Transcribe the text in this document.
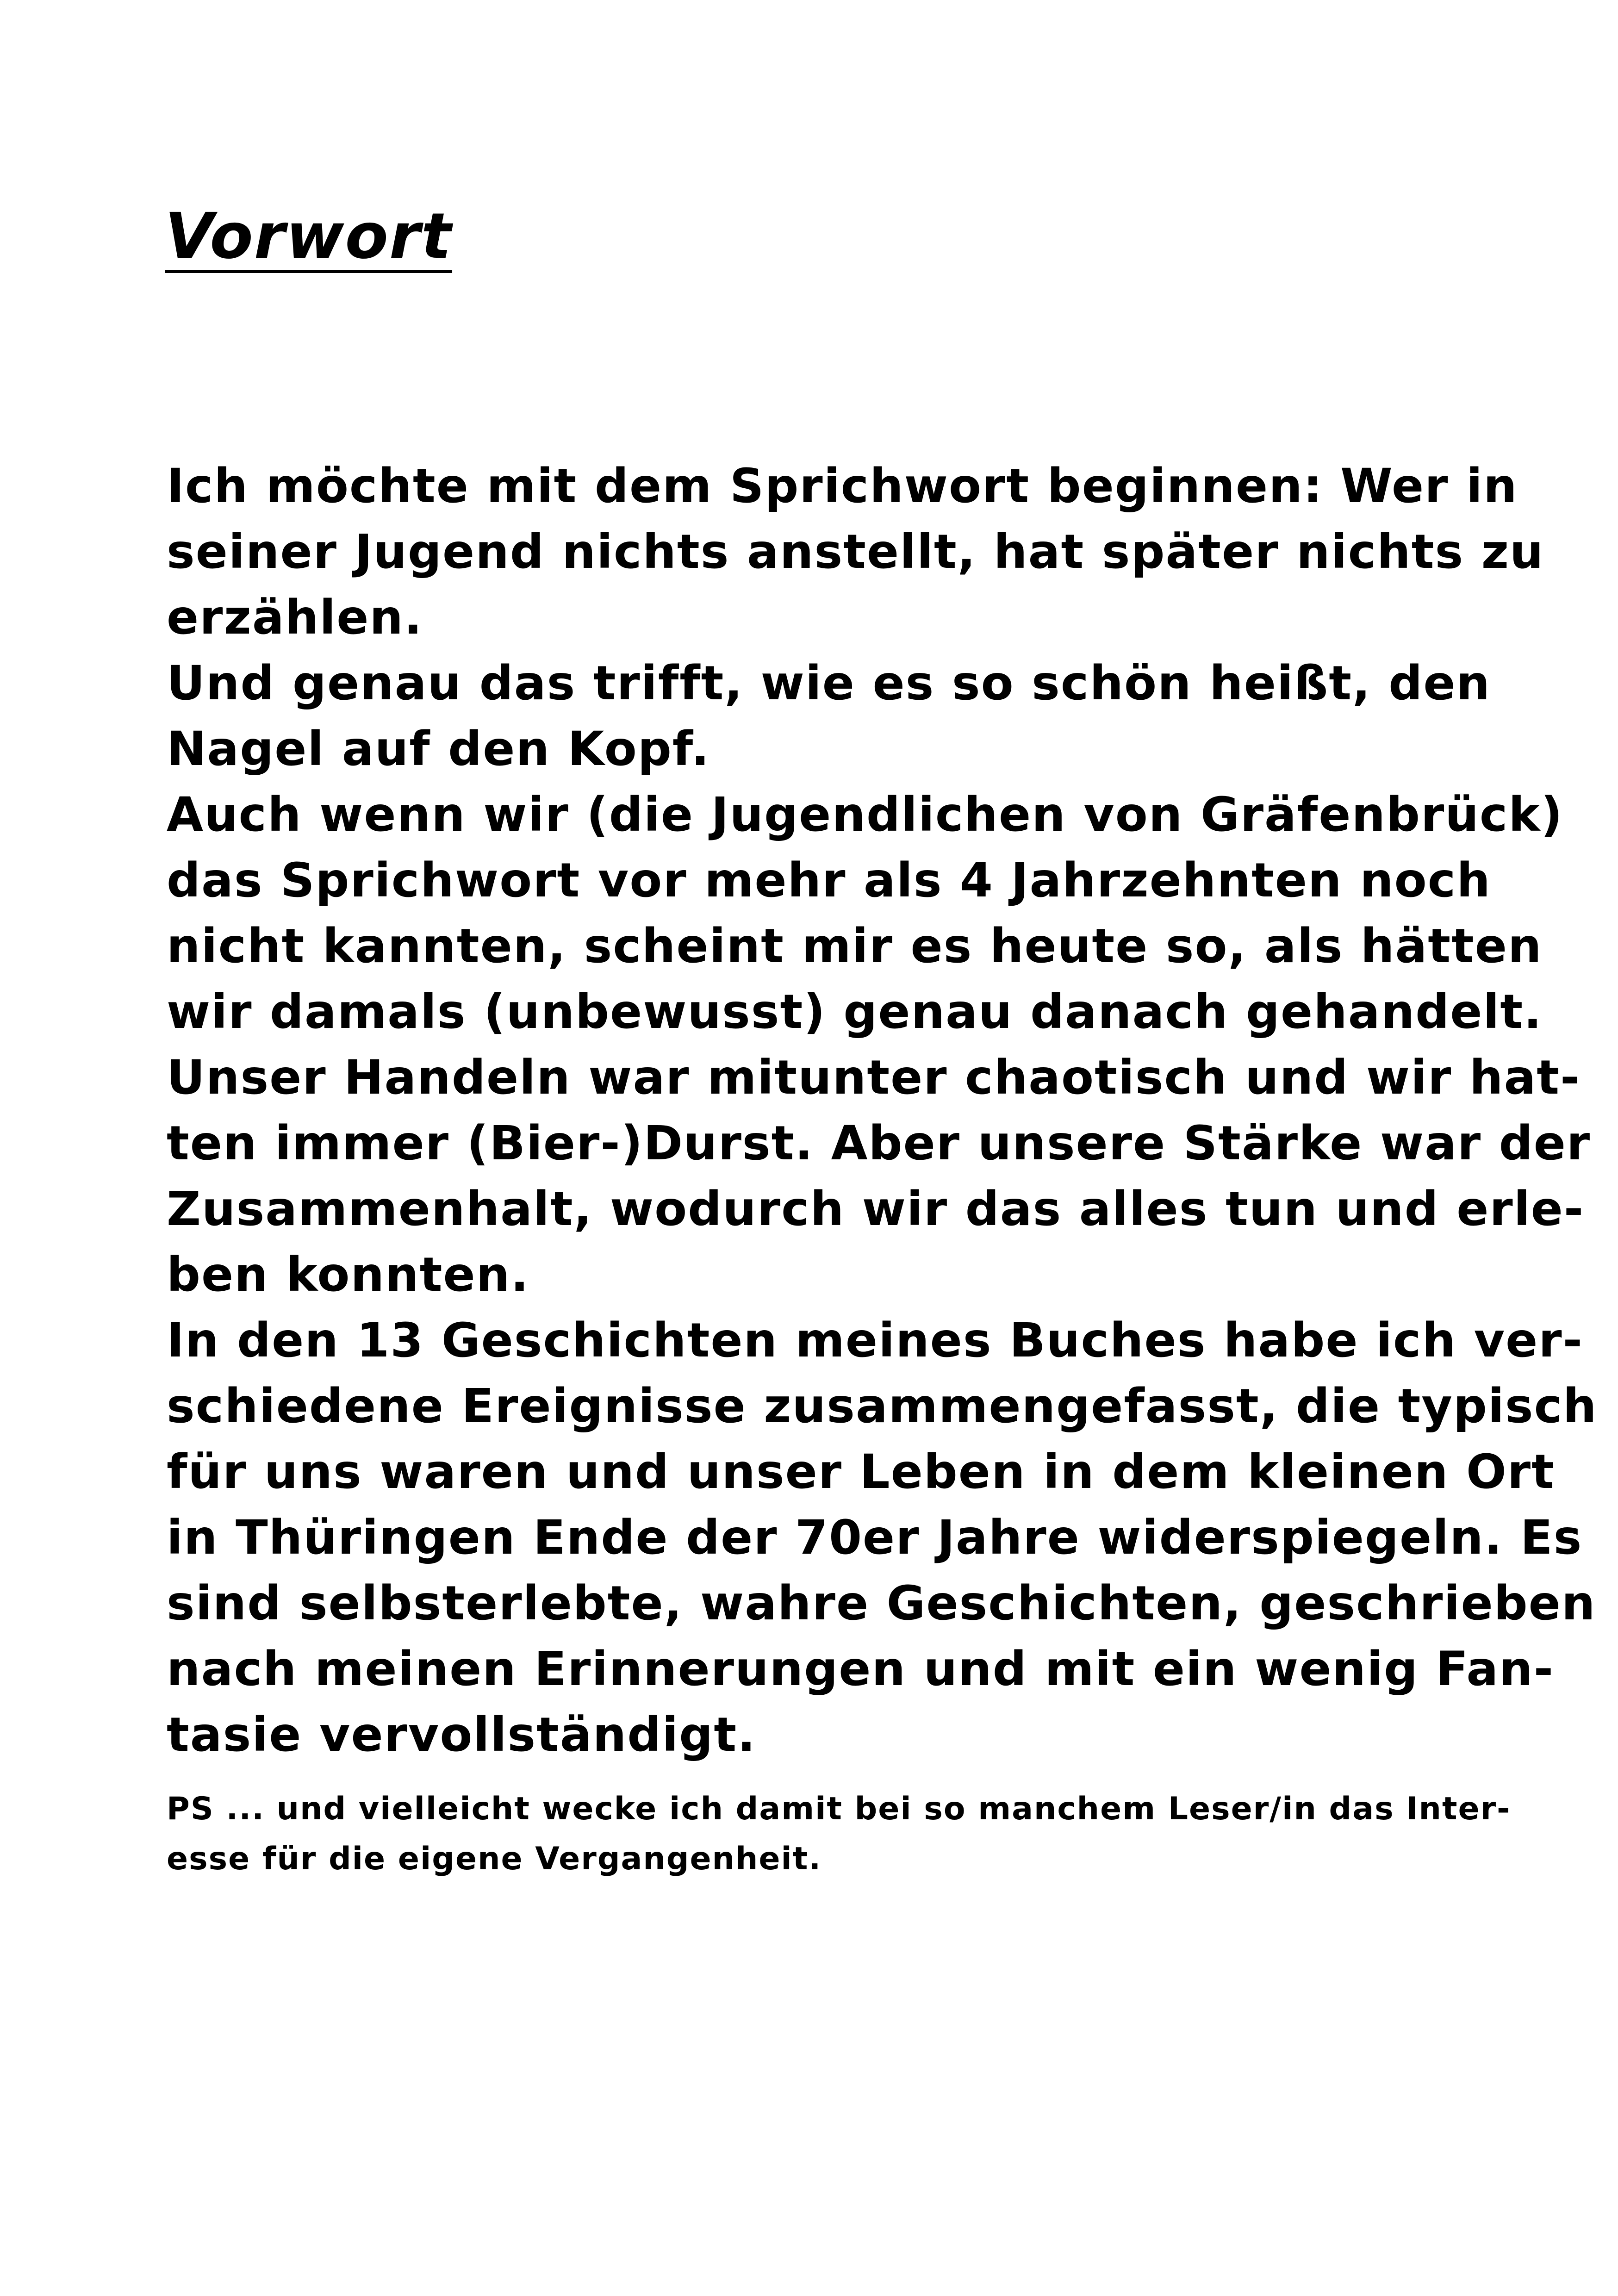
Vorwort
Ich möchte mit dem Sprichwort beginnen: Wer in
seiner Jugend nichts anstellt, hat später nichts zu
erzählen.
Und genau das trifft, wie es so schön heißt, den
Nagel auf den Kopf.
Auch wenn wir (die Jugendlichen von Gräfenbrück)
das Sprichwort vor mehr als 4 Jahrzehnten noch
nicht kannten, scheint mir es heute so, als hätten
wir damals (unbewusst) genau danach gehandelt.
Unser Handeln war mitunter chaotisch und wir hat-
ten immer (Bier-)Durst. Aber unsere Stärke war der
Zusammenhalt, wodurch wir das alles tun und erle-
ben konnten.
In den 13 Geschichten meines Buches habe ich ver-
schiedene Ereignisse zusammengefasst, die typisch
für uns waren und unser Leben in dem kleinen Ort
in Thüringen Ende der 70er Jahre widerspiegeln. Es
sind selbsterlebte, wahre Geschichten, geschrieben
nach meinen Erinnerungen und mit ein wenig Fan-
tasie vervollständigt.
PS ... und vielleicht wecke ich damit bei so manchem Leser/in das Inter-
esse für die eigene Vergangenheit.
